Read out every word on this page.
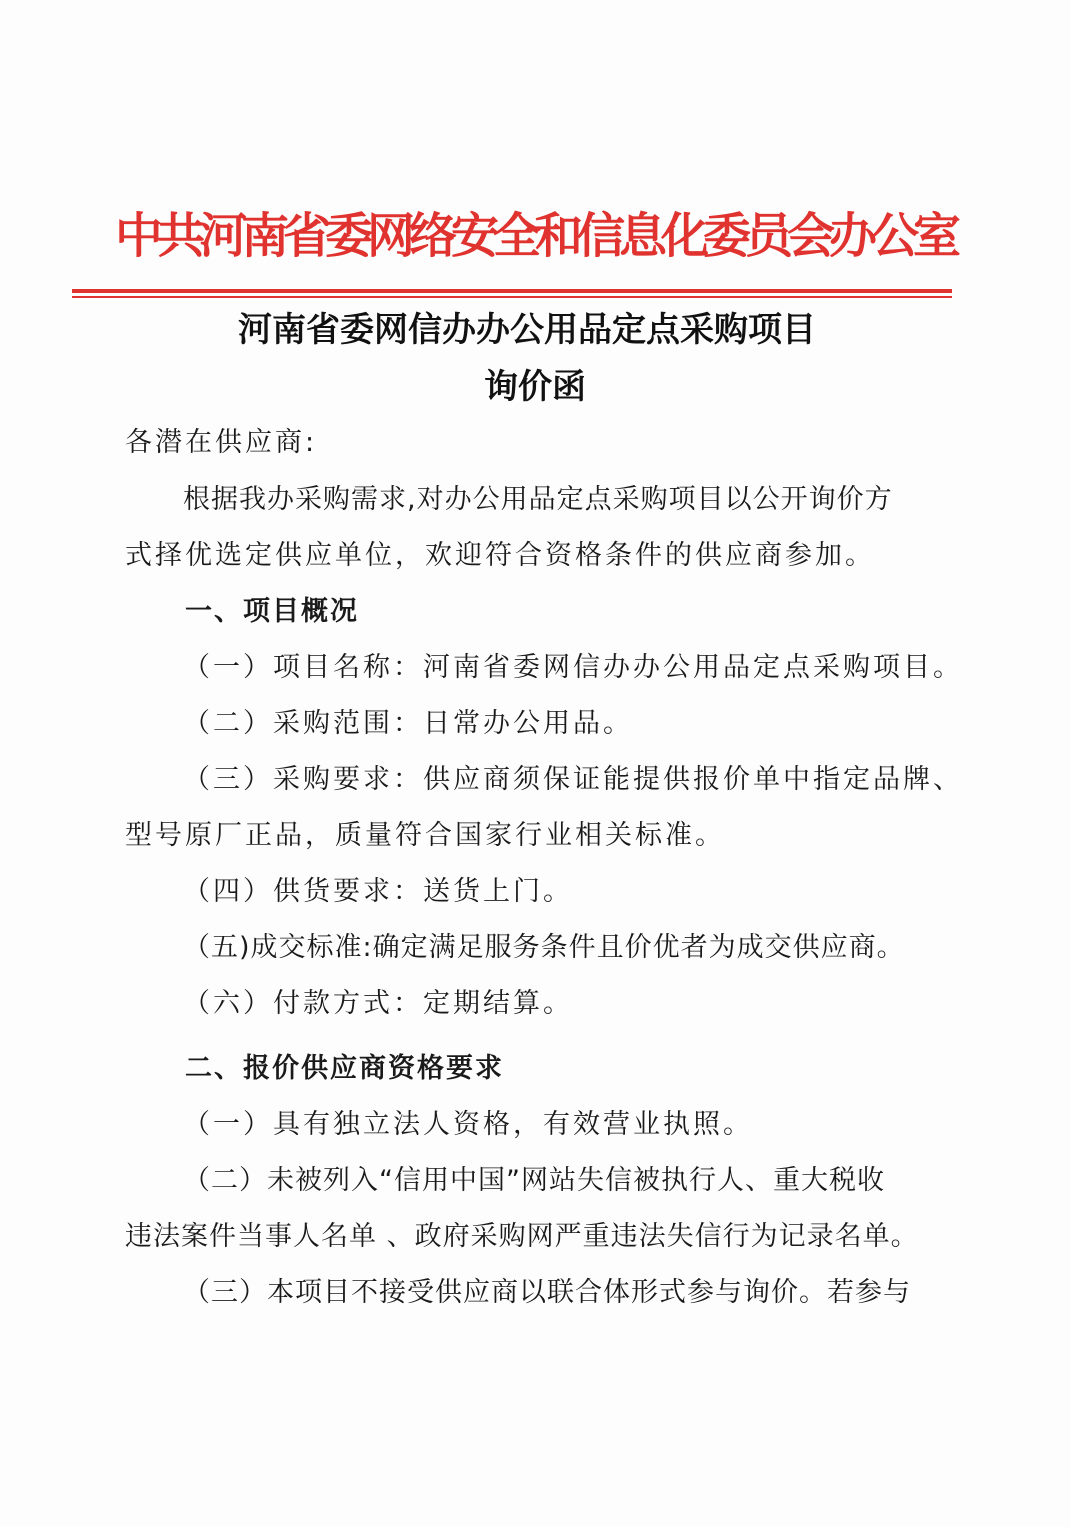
中共河南省委网络安全和信息化委员会办公室
河南省委网信办办公用品定点采购项目
询价函
各潜在供应商:
根据我办采购需求,对办公用品定点采购项目以公开询价方
式择优选定供应单位，欢迎符合资格条件的供应商参加。
一、项目概况
（一）项目名称：河南省委网信办办公用品定点采购项目。
（二）采购范围：日常办公用品。
（三）采购要求：供应商须保证能提供报价单中指定品牌、
型号原厂正品，质量符合国家行业相关标准。
（四）供货要求：送货上门。
（五)成交标准:确定满足服务条件且价优者为成交供应商。
（六）付款方式：定期结算。
二、报价供应商资格要求
（一）具有独立法人资格，有效营业执照。
（二）未被列入“信用中国”网站失信被执行人、重大税收
违法案件当事人名单 、政府采购网严重违法失信行为记录名单。
（三）本项目不接受供应商以联合体形式参与询价。若参与
